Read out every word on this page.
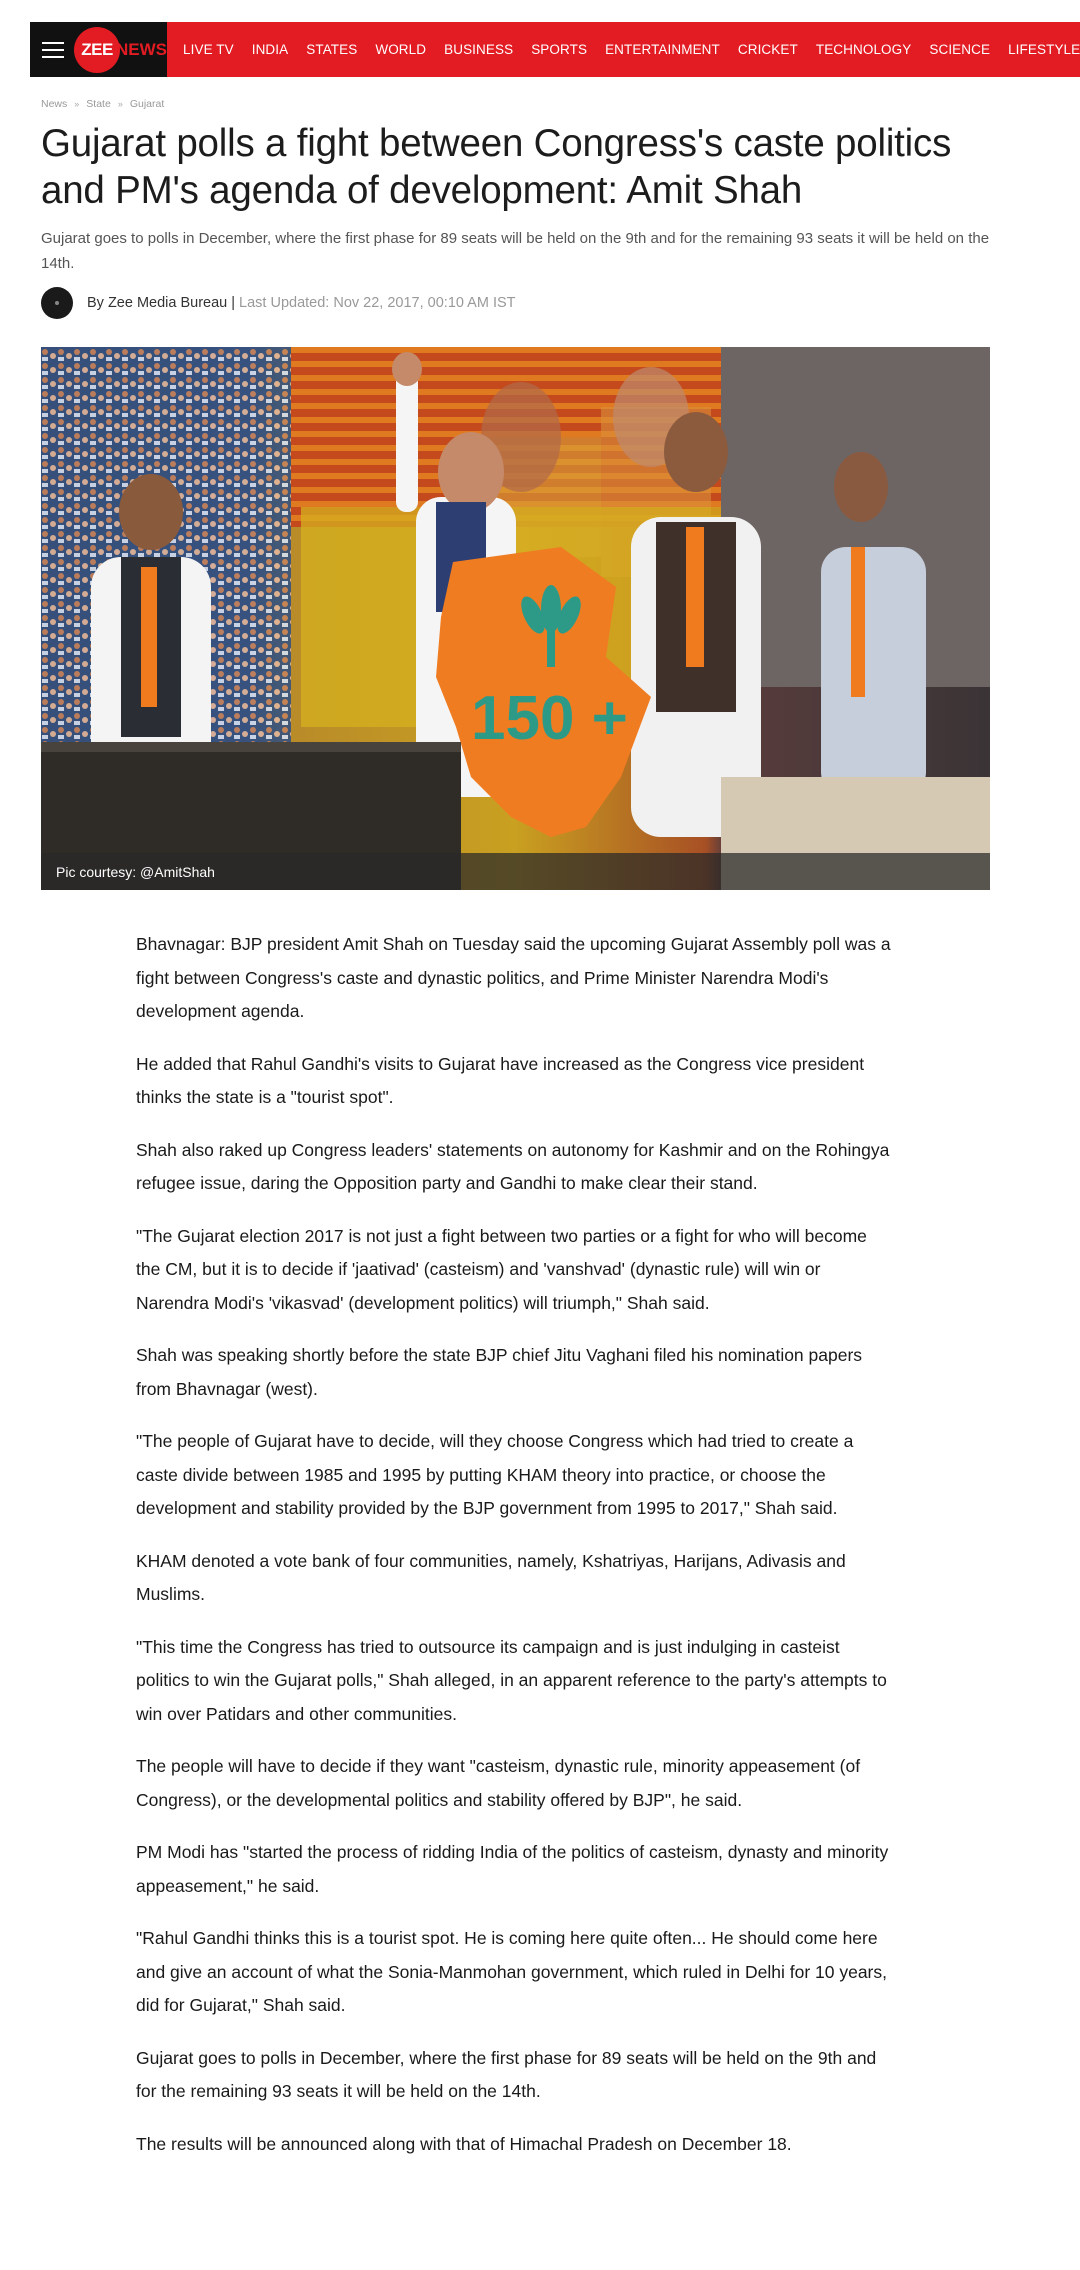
ZEE NEWS LIVE TV INDIA STATES WORLD BUSINESS SPORTS ENTERTAINMENT CRICKET TECHNOLOGY SCIENCE LIFESTYLE
News » State » Gujarat
Gujarat polls a fight between Congress's caste politics and PM's agenda of development: Amit Shah

Gujarat goes to polls in December, where the first phase for 89 seats will be held on the 9th and for the remaining 93 seats it will be held on the 14th.

By Zee Media Bureau | Last Updated: Nov 22, 2017, 00:10 AM IST
150 +
Pic courtesy: @AmitShah

Bhavnagar: BJP president Amit Shah on Tuesday said the upcoming Gujarat Assembly poll was a fight between Congress's caste and dynastic politics, and Prime Minister Narendra Modi's development agenda.

He added that Rahul Gandhi's visits to Gujarat have increased as the Congress vice president thinks the state is a "tourist spot".

Shah also raked up Congress leaders' statements on autonomy for Kashmir and on the Rohingya refugee issue, daring the Opposition party and Gandhi to make clear their stand.

"The Gujarat election 2017 is not just a fight between two parties or a fight for who will become the CM, but it is to decide if 'jaativad' (casteism) and 'vanshvad' (dynastic rule) will win or Narendra Modi's 'vikasvad' (development politics) will triumph," Shah said.

Shah was speaking shortly before the state BJP chief Jitu Vaghani filed his nomination papers from Bhavnagar (west).

"The people of Gujarat have to decide, will they choose Congress which had tried to create a caste divide between 1985 and 1995 by putting KHAM theory into practice, or choose the development and stability provided by the BJP government from 1995 to 2017," Shah said.

KHAM denoted a vote bank of four communities, namely, Kshatriyas, Harijans, Adivasis and Muslims.

"This time the Congress has tried to outsource its campaign and is just indulging in casteist politics to win the Gujarat polls," Shah alleged, in an apparent reference to the party's attempts to win over Patidars and other communities.

The people will have to decide if they want "casteism, dynastic rule, minority appeasement (of Congress), or the developmental politics and stability offered by BJP", he said.

PM Modi has "started the process of ridding India of the politics of casteism, dynasty and minority appeasement," he said.

"Rahul Gandhi thinks this is a tourist spot. He is coming here quite often... He should come here and give an account of what the Sonia-Manmohan government, which ruled in Delhi for 10 years, did for Gujarat," Shah said.

Gujarat goes to polls in December, where the first phase for 89 seats will be held on the 9th and for the remaining 93 seats it will be held on the 14th.

The results will be announced along with that of Himachal Pradesh on December 18.
